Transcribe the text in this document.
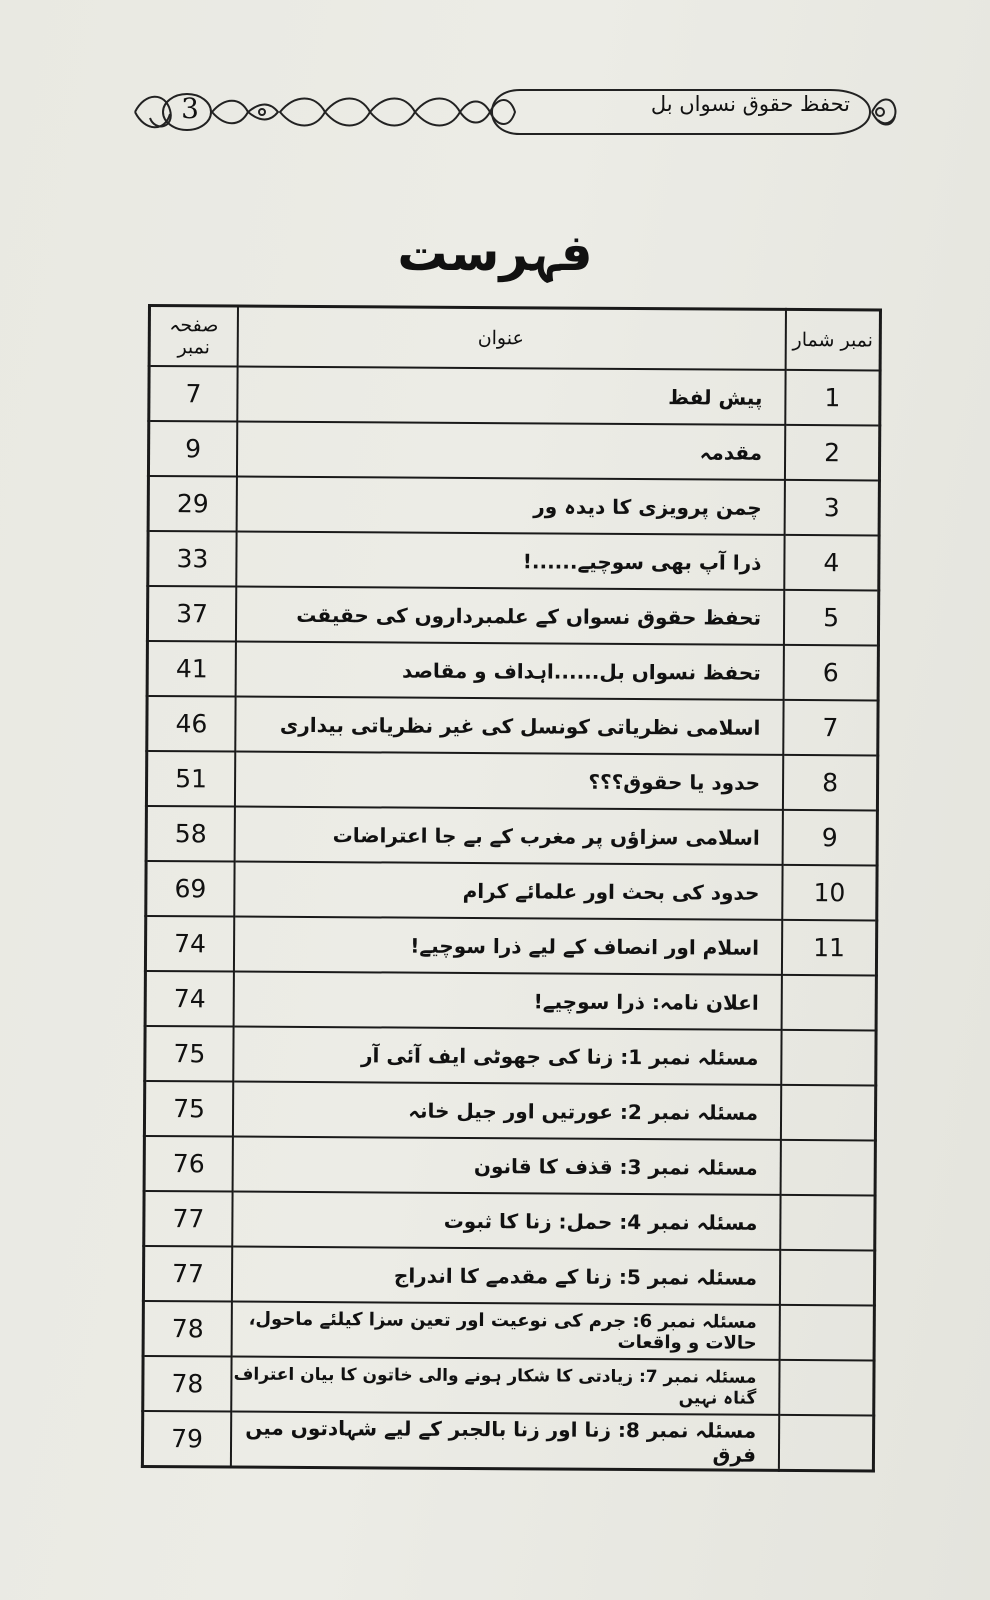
3	تحفظ حقوق نسواں بل
فہرست
صفحہ نمبر	عنوان	نمبر شمار
7	پیش لفظ	1
9	مقدمہ	2
29	چمن پرویزی کا دیدہ ور	3
33	ذرا آپ بھی سوچیے......!	4
37	تحفظ حقوق نسواں کے علمبرداروں کی حقیقت	5
41	تحفظ نسواں بل......اہداف و مقاصد	6
46	اسلامی نظریاتی کونسل کی غیر نظریاتی بیداری	7
51	حدود یا حقوق؟؟؟	8
58	اسلامی سزاؤں پر مغرب کے بے جا اعتراضات	9
69	حدود کی بحث اور علمائے کرام	10
74	اسلام اور انصاف کے لیے ذرا سوچیے!	11
74	اعلان نامہ: ذرا سوچیے!	
75	مسئلہ نمبر 1: زنا کی جھوٹی ایف آئی آر	
75	مسئلہ نمبر 2: عورتیں اور جیل خانہ	
76	مسئلہ نمبر 3: قذف کا قانون	
77	مسئلہ نمبر 4: حمل: زنا کا ثبوت	
77	مسئلہ نمبر 5: زنا کے مقدمے کا اندراج	
78	مسئلہ نمبر 6: جرم کی نوعیت اور تعین سزا کیلئے ماحول، حالات و واقعات	
78	مسئلہ نمبر 7: زیادتی کا شکار ہونے والی خاتون کا بیان اعتراف گناہ نہیں	
79	مسئلہ نمبر 8: زنا اور زنا بالجبر کے لیے شہادتوں میں فرق	
